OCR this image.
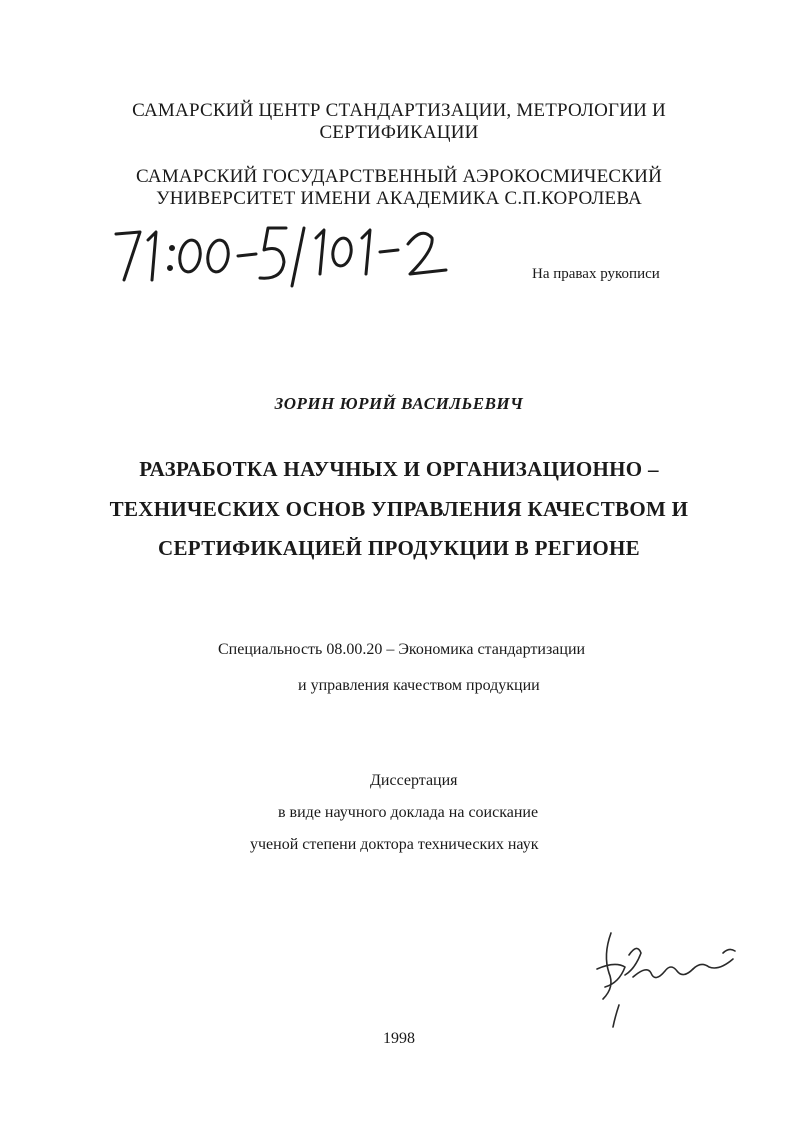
САМАРСКИЙ ЦЕНТР СТАНДАРТИЗАЦИИ, МЕТРОЛОГИИ И
СЕРТИФИКАЦИИ
САМАРСКИЙ ГОСУДАРСТВЕННЫЙ АЭРОКОСМИЧЕСКИЙ
УНИВЕРСИТЕТ ИМЕНИ АКАДЕМИКА С.П.КОРОЛЕВА
На правах рукописи
ЗОРИН ЮРИЙ ВАСИЛЬЕВИЧ
РАЗРАБОТКА НАУЧНЫХ И ОРГАНИЗАЦИОННО –
ТЕХНИЧЕСКИХ ОСНОВ УПРАВЛЕНИЯ КАЧЕСТВОМ И
СЕРТИФИКАЦИЕЙ ПРОДУКЦИИ В РЕГИОНЕ
Специальность 08.00.20 – Экономика стандартизации
и управления качеством продукции
Диссертация
в виде научного доклада на соискание
ученой степени доктора технических наук
1998
